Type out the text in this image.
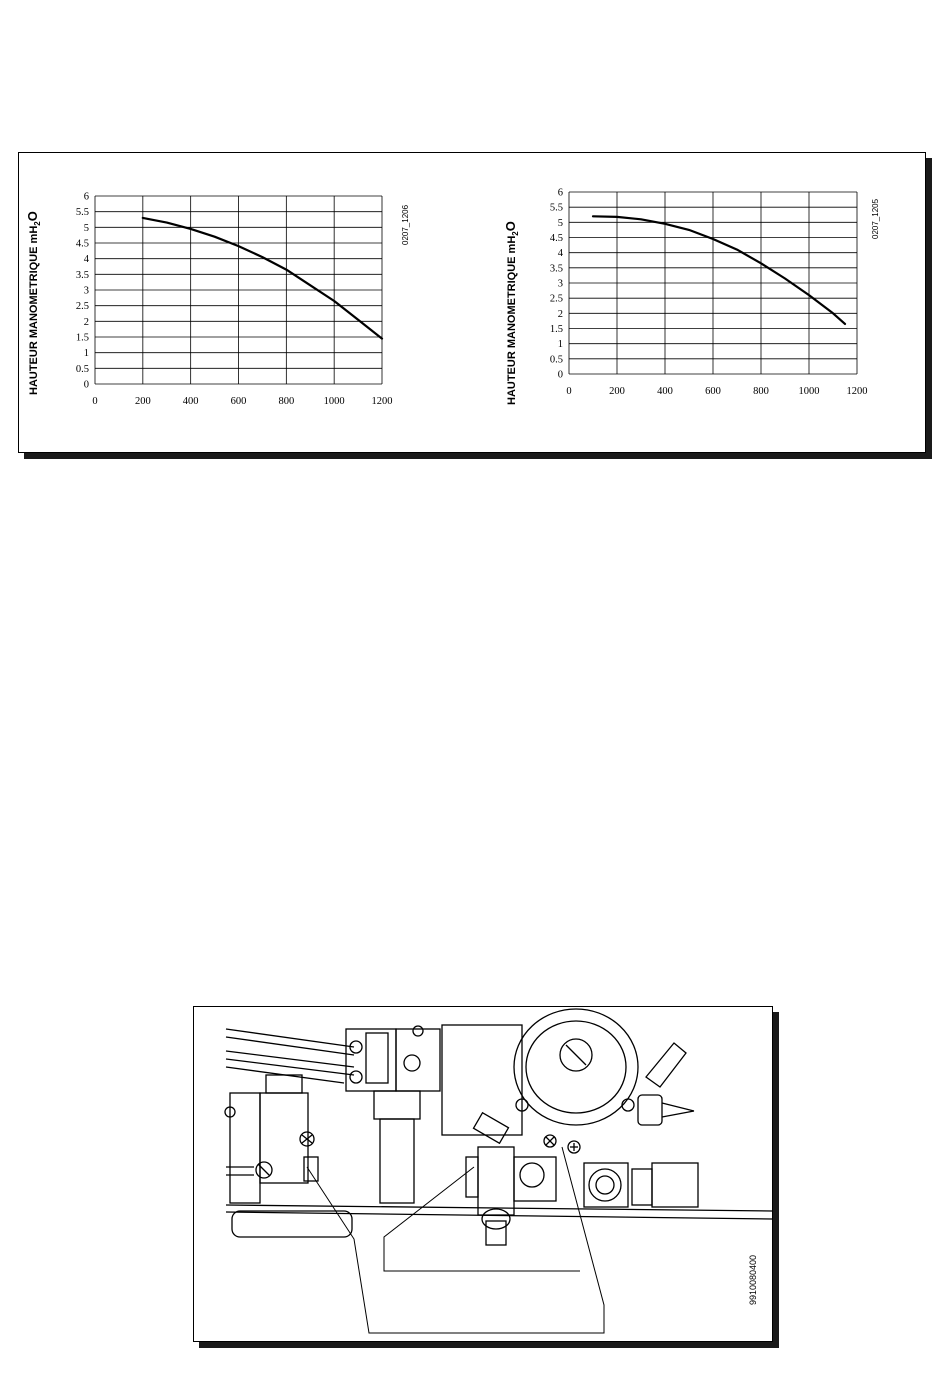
0
0.5
1
1.5
2
2.5
3
3.5
4
4.5
5
5.5
6
0	200	400	600	800	1000	1200
HAUTEUR MANOMETRIQUE $mH_2O$	0207_1206
0
0.5
1
1.5
2
2.5
3
3.5
4
4.5
5
5.5
6
0	200	400	600	800	1000	1200
HAUTEUR MANOMETRIQUE $mH_2O$	0207_1205
9910080400
